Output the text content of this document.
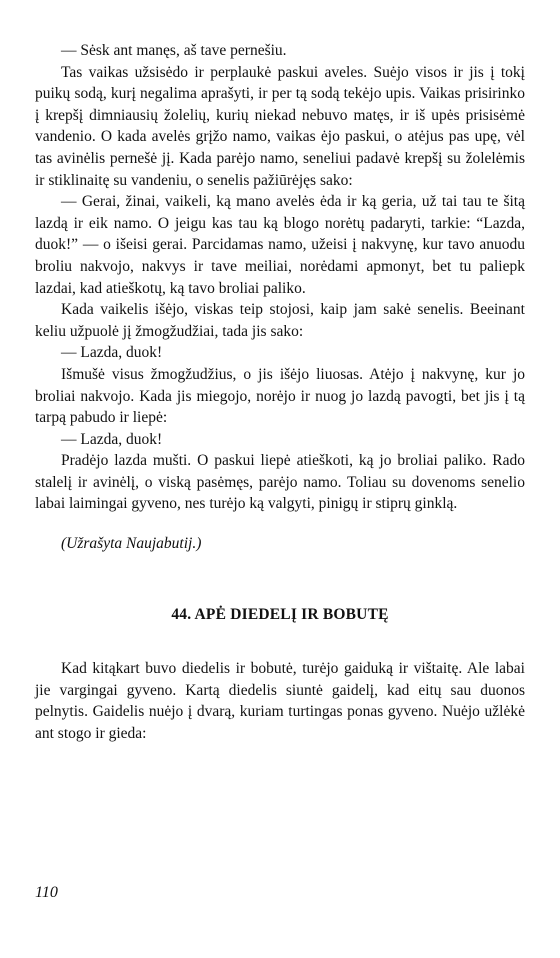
— Sėsk ant manęs, aš tave pernešiu.

Tas vaikas užsisėdo ir perplaukė paskui aveles. Suėjo visos ir jis į tokį puikų sodą, kurį negalima aprašyti, ir per tą sodą tekėjo upis. Vaikas prisirinko į krepšį dimniausių žolelių, kurių niekad nebuvo matęs, ir iš upės prisisėmė vandenio. O kada avelės grįžo namo, vaikas ėjo paskui, o atėjus pas upę, vėl tas avinėlis pernešė jį. Kada parėjo namo, seneliui padavė krepšį su žolelėmis ir stiklinaitę su vandeniu, o senelis pažiūrėjęs sako:

— Gerai, žinai, vaikeli, ką mano avelės ėda ir ką geria, už tai tau te šitą lazdą ir eik namo. O jeigu kas tau ką blogo norėtų padaryti, tarkie: “Lazda, duok!” — o išeisi gerai. Parcidamas namo, užeisi į nakvynę, kur tavo anuodu broliu nakvojo, nakvys ir tave meiliai, norėdami apmonyt, bet tu paliepk lazdai, kad atieškotų, ką tavo broliai paliko.

Kada vaikelis išėjo, viskas teip stojosi, kaip jam sakė senelis. Beeinant keliu užpuolė jį žmogžudžiai, tada jis sako:

— Lazda, duok!

Išmušė visus žmogžudžius, o jis išėjo liuosas. Atėjo į nakvynę, kur jo broliai nakvojo. Kada jis miegojo, norėjo ir nuog jo lazdą pavogti, bet jis į tą tarpą pabudo ir liepė:

— Lazda, duok!

Pradėjo lazda mušti. O paskui liepė atieškoti, ką jo broliai paliko. Rado stalelį ir avinėlį, o viską pasėmęs, parėjo namo. Toliau su dovenoms senelio labai laimingai gyveno, nes turėjo ką valgyti, pinigų ir stiprų ginklą.

(Užrašyta Naujabutij.)

44. APĖ DIEDELĮ IR BOBUTĘ

Kad kitąkart buvo diedelis ir bobutė, turėjo gaiduką ir vištaitę. Ale labai jie vargingai gyveno. Kartą diedelis siuntė gaidelį, kad eitų sau duonos pelnytis. Gaidelis nuėjo į dvarą, kuriam turtingas ponas gyveno. Nuėjo užlėkė ant stogo ir gieda:

110
